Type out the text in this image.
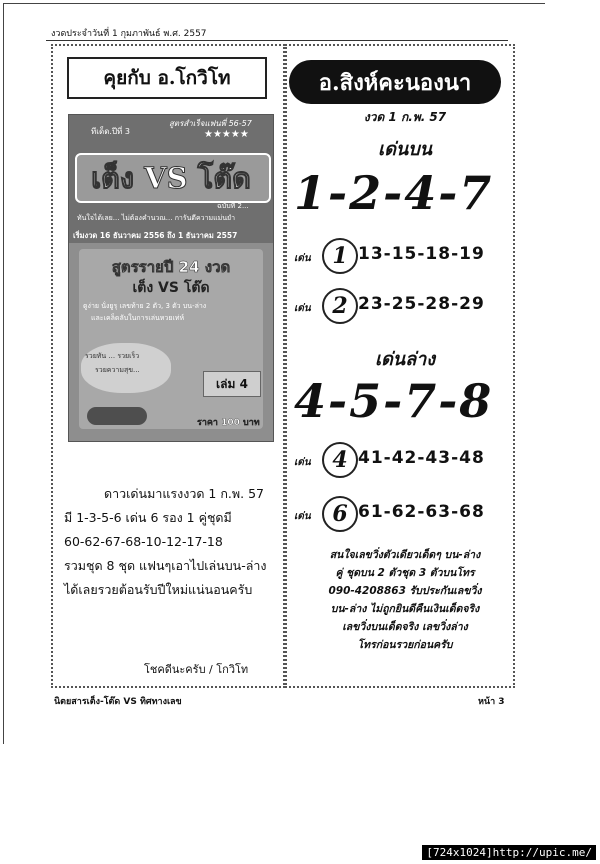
งวดประจำวันที่ 1 กุมภาพันธ์ พ.ศ. 2557
คุยกับ อ.โกวิโท
ทีเด็ด.ปีที่ 3
สูตรสำเร็จแฟนพี่ 56-57
★★★★★
เต็ง VS โต๊ด
ฉบับที่ 2...
ทันใจได้เลย... ไม่ต้องคำนวณ... การันตีความแม่นยำ
เริ่มงวด 16 ธันวาคม 2556 ถึง 1 ธันวาคม 2557
สูตรรายปี 24 งวด
เต็ง VS โต๊ด
ดูง่าย นั่งยูรุ เลขท้าย 2 ตัว, 3 ตัว บน-ล่าง
และเคล็ดลับในการเล่นหวยเท่ห์
รวยทัน ... รวยเร็ว
รวยความสุข...
เล่ม 4
ราคา 100 บาท
ดาวเด่นมาแรงงวด 1 ก.พ. 57
มี 1-3-5-6 เด่น 6 รอง 1 คู่ชุดมี
60-62-67-68-10-12-17-18
รวมชุด 8 ชุด แฟนๆเอาไปเล่นบน-ล่าง
ได้เลยรวยต้อนรับปีใหม่แน่นอนครับ
โชคดีนะครับ / โกวิโท
อ.สิงห์คะนองนา
งวด 1 ก.พ. 57
เด่นบน
1-2-4-7
เด่น 1 13-15-18-19
เด่น 2 23-25-28-29
เด่นล่าง
4-5-7-8
เด่น 4 41-42-43-48
เด่น 6 61-62-63-68
สนใจเลขวิ่งตัวเดียวเด็ดๆ บน-ล่าง
คู่ ชุดบน 2 ตัวชุด 3 ตัวบนโทร
090-4208863 รับประกันเลขวิ่ง
บน-ล่าง ไม่ถูกยินดีคืนเงินเด็ดจริง
เลขวิ่งบนเด็ดจริง เลขวิ่งล่าง
โทรก่อนรวยก่อนครับ
นิตยสารเต็ง-โต๊ด VS ทิศทางเลข	หน้า 3
[724x1024]http://upic.me/
